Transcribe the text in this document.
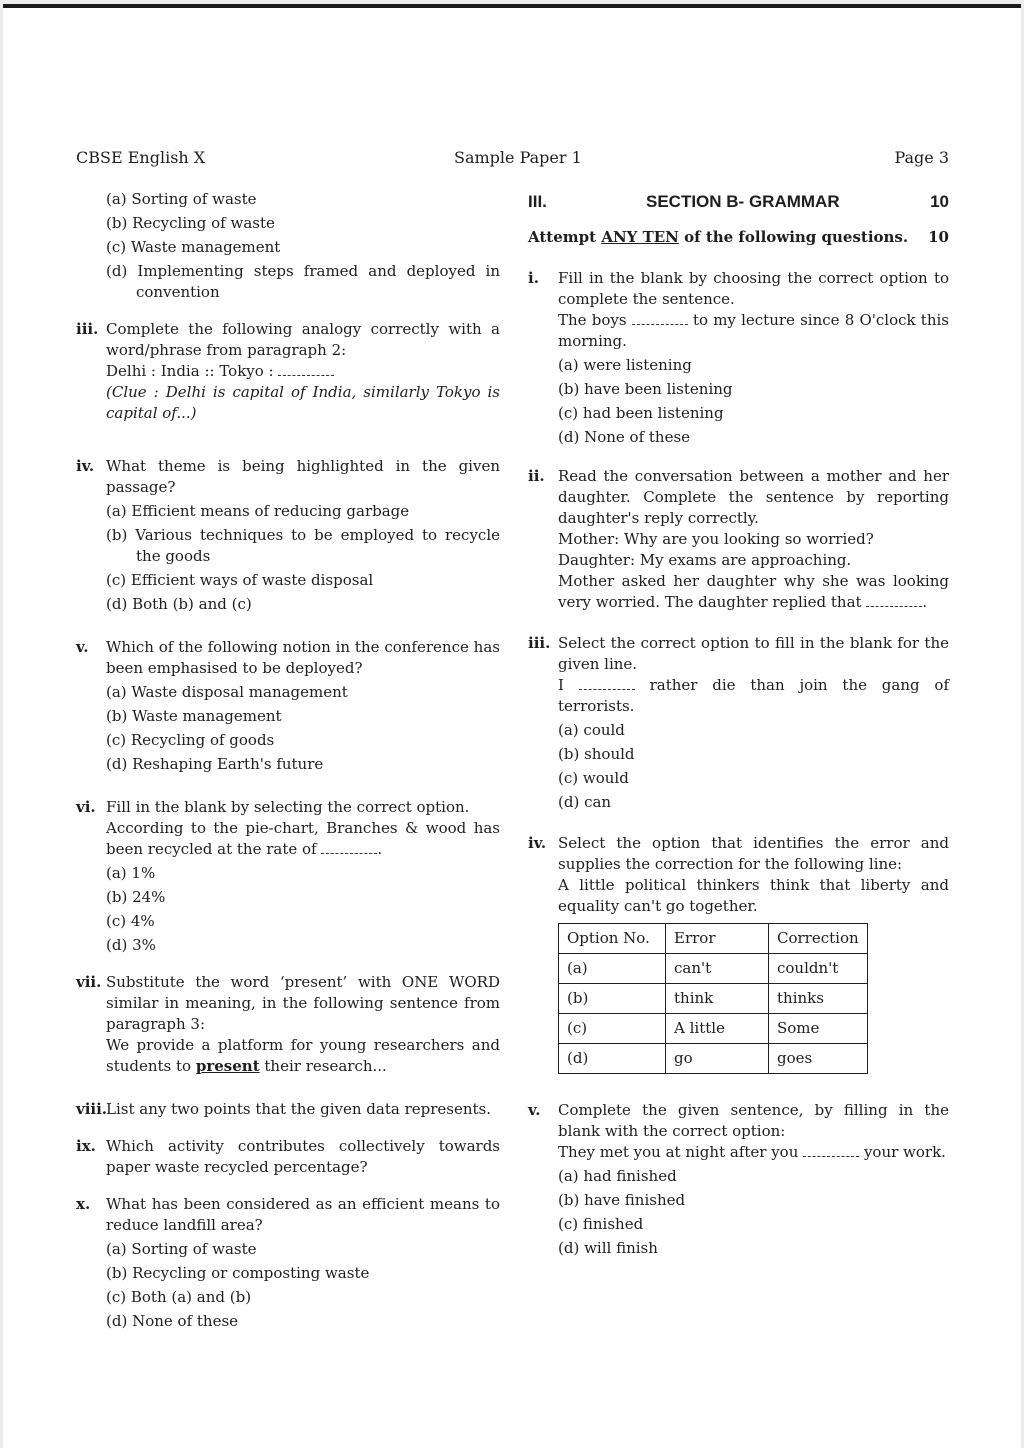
CBSE English X	Sample Paper 1	Page 3
(a) Sorting of waste
(b) Recycling of waste
(c) Waste management
(d) Implementing steps framed and deployed in convention
iii. Complete the following analogy correctly with a word/phrase from paragraph 2:
Delhi : India :: Tokyo :
(Clue : Delhi is capital of India, similarly Tokyo is capital of...)
iv. What theme is being highlighted in the given passage?
(a) Efficient means of reducing garbage
(b) Various techniques to be employed to recycle the goods
(c) Efficient ways of waste disposal
(d) Both (b) and (c)
v.	Which of the following notion in the conference has been emphasised to be deployed?
(a) Waste disposal management
(b) Waste management
(c) Recycling of goods
(d) Reshaping Earth's future
vi. Fill in the blank by selecting the correct option.
According to the pie-chart, Branches & wood has been recycled at the rate of	.
(a) 1%
(b) 24%
(c) 4%
(d) 3%
vii. Substitute the word ‘present’ with ONE WORD similar in meaning, in the following sentence from paragraph 3:
We provide a platform for young researchers and students to present their research...
viii.
List any two points that the given data represents.
ix. Which activity contributes collectively towards paper waste recycled percentage?
x.	What has been considered as an efficient means to reduce landfill area?
(a) Sorting of waste
(b) Recycling or composting waste
(c) Both (a) and (b)
(d) None of these
III.	SECTION B- GRAMMAR	10
Attempt ANY TEN of the following questions. 10
i.	Fill in the blank by choosing the correct option to complete the sentence.
The boys	to my lecture since 8 O'clock this morning.
(a) were listening
(b) have been listening
(c) had been listening
(d) None of these
ii. Read the conversation between a mother and her daughter. Complete the sentence by reporting daughter's reply correctly.
Mother: Why are you looking so worried?
Daughter: My exams are approaching.
Mother asked her daughter why she was looking very worried. The daughter replied that	.
iii. Select the correct option to fill in the blank for the given line.
I	rather die than join the gang of terrorists.
(a) could
(b) should
(c) would
(d) can
iv. Select the option that identifies the error and supplies the correction for the following line:
A little political thinkers think that liberty and equality can't go together.
Option No.	Error	Correction
(a)	can't	couldn't
(b)	think	thinks
(c)	A little	Some
(d)	go	goes
v.	Complete the given sentence, by filling in the blank with the correct option:
They met you at night after you	your work.
(a) had finished
(b) have finished
(c) finished
(d) will finish
